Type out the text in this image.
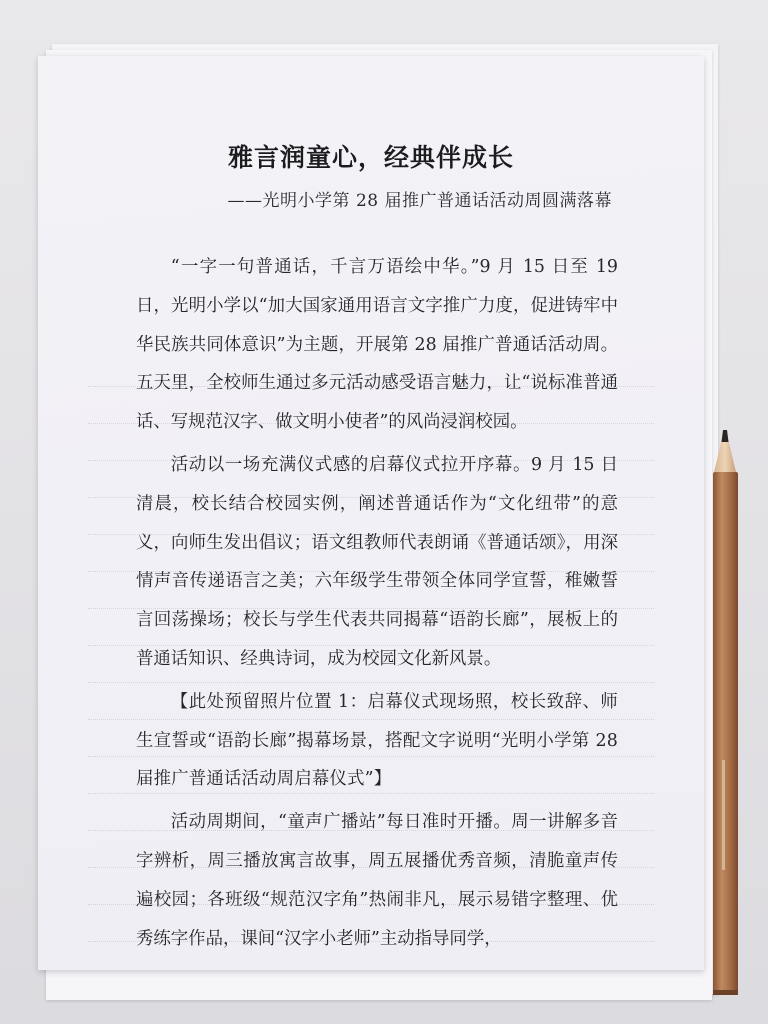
雅言润童心，经典伴成长
——光明小学第 28 届推广普通话活动周圆满落幕

“一字一句普通话，千言万语绘中华。”9 月 15 日至 19 日，光明小学以“加大国家通用语言文字推广力度，促进铸牢中华民族共同体意识”为主题，开展第 28 届推广普通话活动周。五天里，全校师生通过多元活动感受语言魅力，让“说标准普通话、写规范汉字、做文明小使者”的风尚浸润校园。

活动以一场充满仪式感的启幕仪式拉开序幕。9 月 15 日清晨，校长结合校园实例，阐述普通话作为“文化纽带”的意义，向师生发出倡议；语文组教师代表朗诵《普通话颂》，用深情声音传递语言之美；六年级学生带领全体同学宣誓，稚嫩誓言回荡操场；校长与学生代表共同揭幕“语韵长廊”，展板上的普通话知识、经典诗词，成为校园文化新风景。

【此处预留照片位置 1：启幕仪式现场照，校长致辞、师生宣誓或“语韵长廊”揭幕场景，搭配文字说明“光明小学第 28 届推广普通话活动周启幕仪式”】

活动周期间，“童声广播站”每日准时开播。周一讲解多音字辨析，周三播放寓言故事，周五展播优秀音频，清脆童声传遍校园；各班级“规范汉字角”热闹非凡，展示易错字整理、优秀练字作品，课间“汉字小老师”主动指导同学，
